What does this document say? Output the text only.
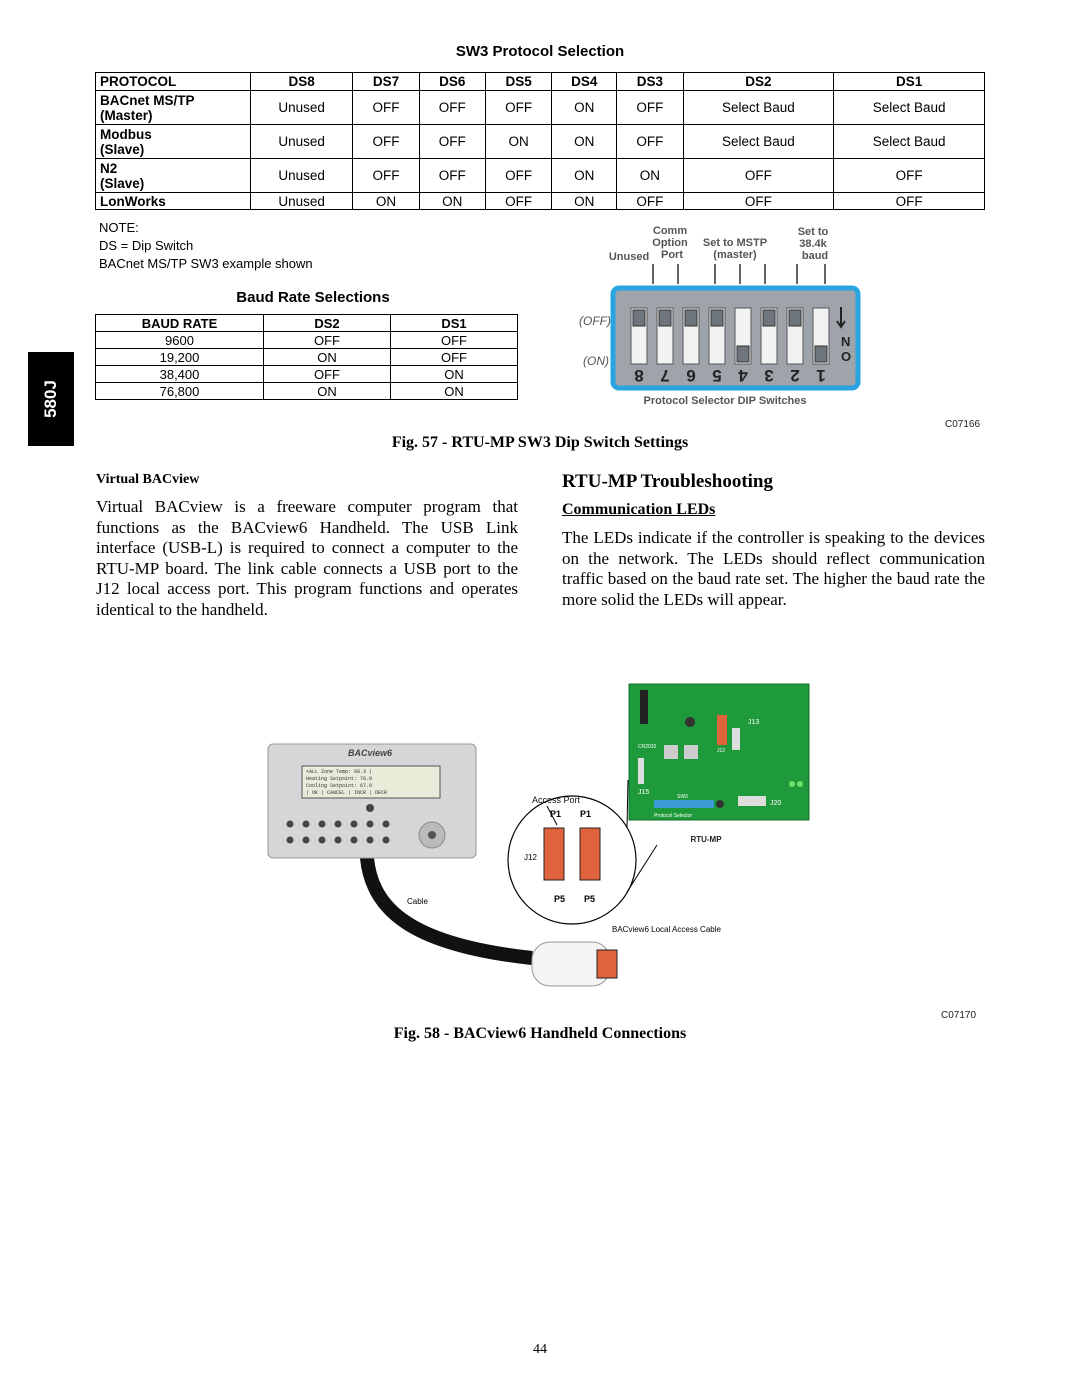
580J
SW3 Protocol Selection
PROTOCOL	DS8	DS7	DS6	DS5	DS4	DS3	DS2	DS1

BACnet MS/TP
(Master)	Unused	OFF	OFF	OFF	ON	OFF	Select Baud	Select Baud

Modbus
(Slave)	Unused	OFF	OFF	ON	ON	OFF	Select Baud	Select Baud

N2
(Slave)	Unused	OFF	OFF	OFF	ON	ON	OFF	OFF
LonWorks	Unused	ON	ON	OFF	ON	OFF	OFF	OFF
NOTE:
DS = Dip Switch
BACnet MS/TP SW3 example shown
Baud Rate Selections
BAUD RATE	DS2	DS1
9600	OFF	OFF
19,200	ON	OFF
38,400	OFF	ON
76,800	ON	ON
Unused
Comm
Option
Port
Set to MSTP
(master)
Set to
38.4k
baud
(OFF)
(ON)
8 7 6 5 4 3 2 1
N
O
Protocol Selector DIP Switches
C07166
Fig. 57 - RTU-MP SW3 Dip Switch Settings
Virtual BACview
Virtual BACview is a freeware computer program that functions as the BACview6 Handheld. The USB Link interface (USB-L) is required to connect a computer to the RTU-MP board. The link cable connects a USB port to the J12 local access port. This program functions and operates identical to the handheld.
RTU-MP Troubleshooting
Communication LEDs
The LEDs indicate if the controller is speaking to the devices on the network. The LEDs should reflect communication traffic based on the baud rate set. The higher the baud rate the more solid the LEDs will appear.
BACview6
<ALL Zone Temp: 68.3 |
Heating Setpoint: 70.0
Cooling Setpoint: 67.0
| OK | CANCEL | INCR | DECR
Access Port
P1 P1
J12
P5 P5
Cable
BACview6 Local Access Cable
J13
CR2032
J15
J20
J12
SW3
Protocol Selector
RTU-MP
C07170
Fig. 58 - BACview6 Handheld Connections
44
